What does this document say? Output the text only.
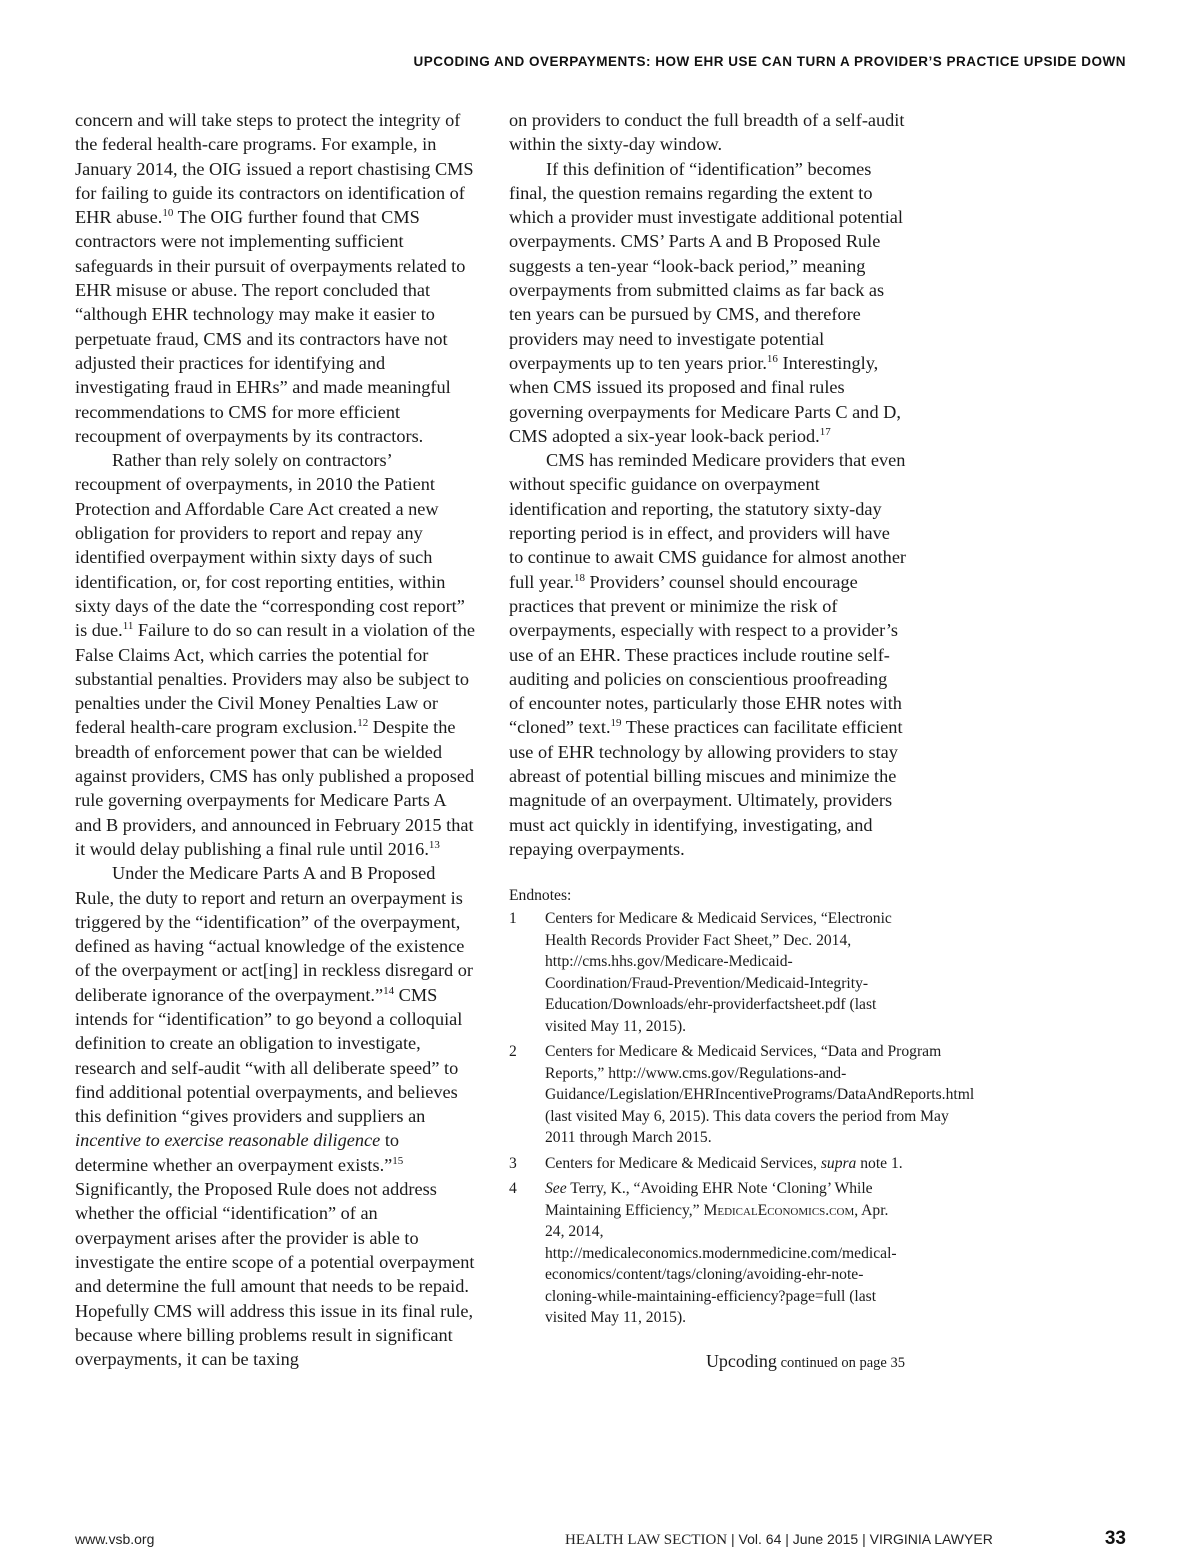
UPCODING AND OVERPAYMENTS: HOW EHR USE CAN TURN A PROVIDER’S PRACTICE UPSIDE DOWN

concern and will take steps to protect the integrity of the federal health-care programs. For example, in January 2014, the OIG issued a report chastising CMS for failing to guide its contractors on identification of EHR abuse.$^{10}$ The OIG further found that CMS contractors were not implementing sufficient safeguards in their pursuit of overpayments related to EHR misuse or abuse. The report concluded that “although EHR technology may make it easier to perpetuate fraud, CMS and its contractors have not adjusted their practices for identifying and investigating fraud in EHRs” and made meaningful recommendations to CMS for more efficient recoupment of overpayments by its contractors.

Rather than rely solely on contractors’ recoupment of overpayments, in 2010 the Patient Protection and Affordable Care Act created a new obligation for providers to report and repay any identified overpayment within sixty days of such identification, or, for cost reporting entities, within sixty days of the date the “corresponding cost report” is due.$^{11}$ Failure to do so can result in a violation of the False Claims Act, which carries the potential for substantial penalties. Providers may also be subject to penalties under the Civil Money Penalties Law or federal health-care program exclusion.$^{12}$ Despite the breadth of enforcement power that can be wielded against providers, CMS has only published a proposed rule governing overpayments for Medicare Parts A and B providers, and announced in February 2015 that it would delay publishing a final rule until 2016.13

Under the Medicare Parts A and B Proposed Rule, the duty to report and return an overpayment is triggered by the “identification” of the overpayment, defined as having “actual knowledge of the existence of the overpayment or act[ing] in reckless disregard or deliberate ignorance of the overpayment.”$^{14}$ CMS intends for “identification” to go beyond a colloquial definition to create an obligation to investigate, research and self-audit “with all deliberate speed” to find additional potential overpayments, and believes this definition “gives providers and suppliers an incentive to exercise reasonable diligence to determine whether an overpayment exists.”$^{15}$ Significantly, the Proposed Rule does not address whether the official “identification” of an overpayment arises after the provider is able to investigate the entire scope of a potential overpayment and determine the full amount that needs to be repaid. Hopefully CMS will address this issue in its final rule, because where billing problems result in significant overpayments, it can be taxing

on providers to conduct the full breadth of a self-audit within the sixty-day window.

If this definition of “identification” becomes final, the question remains regarding the extent to which a provider must investigate additional potential overpayments. CMS’ Parts A and B Proposed Rule suggests a ten-year “look-back period,” meaning overpayments from submitted claims as far back as ten years can be pursued by CMS, and therefore providers may need to investigate potential overpayments up to ten years prior.$^{16}$ Interestingly, when CMS issued its proposed and final rules governing overpayments for Medicare Parts C and D, CMS adopted a six-year look-back period.$^{17}$

CMS has reminded Medicare providers that even without specific guidance on overpayment identification and reporting, the statutory sixty-day reporting period is in effect, and providers will have to continue to await CMS guidance for almost another full year.$^{18}$ Providers’ counsel should encourage practices that prevent or minimize the risk of overpayments, especially with respect to a provider’s use of an EHR. These practices include routine self-auditing and policies on conscientious proofreading of encounter notes, particularly those EHR notes with “cloned” text.$^{19}$ These practices can facilitate efficient use of EHR technology by allowing providers to stay abreast of potential billing miscues and minimize the magnitude of an overpayment. Ultimately, providers must act quickly in identifying, investigating, and repaying overpayments.

Endnotes:

1	Centers for Medicare & Medicaid Services, “Electronic Health Records Provider Fact Sheet,” Dec. 2014, http://cms.hhs.gov/Medicare-Medicaid-Coordination/Fraud-Prevention/Medicaid-Integrity-Education/Downloads/ehr-providerfactsheet.pdf (last visited May 11, 2015).
2	Centers for Medicare & Medicaid Services, “Data and Program Reports,” http://www.cms.gov/Regulations-and-Guidance/Legislation/EHRIncentivePrograms/DataAndReports.html (last visited May 6, 2015). This data covers the period from May 2011 through March 2015.
3	Centers for Medicare & Medicaid Services, supra note 1.
4	See Terry, K., “Avoiding EHR Note ‘Cloning’ While Maintaining Efficiency,” MedicalEconomics.com, Apr. 24, 2014, http://medicaleconomics.modernmedicine.com/medical-economics/content/tags/cloning/avoiding-ehr-note-cloning-while-maintaining-efficiency?page=full (last visited May 11, 2015).

Upcoding continued on page 35

www.vsb.org	HEALTH LAW SECTION | Vol. 64 | June 2015 | VIRGINIA LAWYER	33
